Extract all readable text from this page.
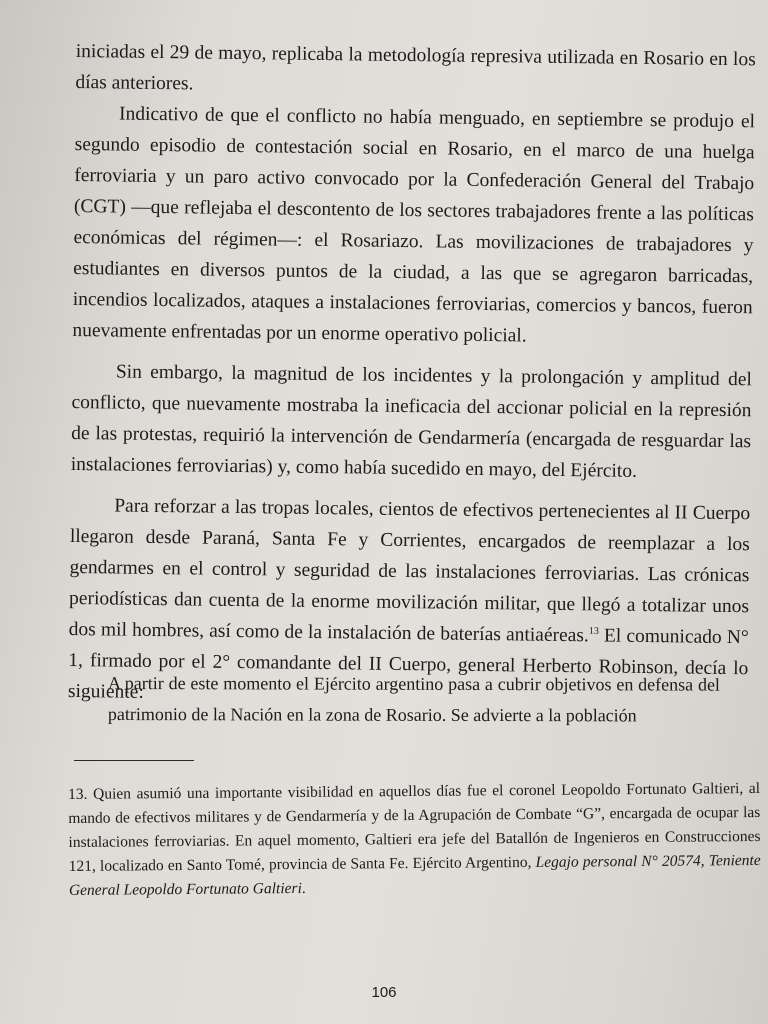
iniciadas el 29 de mayo, replicaba la metodología represiva utilizada en Rosario en los días anteriores.

Indicativo de que el conflicto no había menguado, en septiembre se produjo el segundo episodio de contestación social en Rosario, en el marco de una huelga ferroviaria y un paro activo convocado por la Confederación General del Trabajo (CGT) —que reflejaba el descontento de los sectores trabajadores frente a las políticas económicas del régimen—: el Rosariazo. Las movilizaciones de trabajadores y estudiantes en diversos puntos de la ciudad, a las que se agregaron barricadas, incendios localizados, ataques a instalaciones ferroviarias, comercios y bancos, fueron nuevamente enfrentadas por un enorme operativo policial.

Sin embargo, la magnitud de los incidentes y la prolongación y amplitud del conflicto, que nuevamente mostraba la ineficacia del accionar policial en la represión de las protestas, requirió la intervención de Gendarmería (encargada de resguardar las instalaciones ferroviarias) y, como había sucedido en mayo, del Ejército.

Para reforzar a las tropas locales, cientos de efectivos pertenecientes al II Cuerpo llegaron desde Paraná, Santa Fe y Corrientes, encargados de reemplazar a los gendarmes en el control y seguridad de las instalaciones ferroviarias. Las crónicas periodísticas dan cuenta de la enorme movilización militar, que llegó a totalizar unos dos mil hombres, así como de la instalación de baterías antiaéreas.$^{13}$ El comunicado N° 1, firmado por el 2° comandante del II Cuerpo, general Herberto Robinson, decía lo siguiente:

A partir de este momento el Ejército argentino pasa a cubrir objetivos en defensa del patrimonio de la Nación en la zona de Rosario. Se advierte a la población
13. Quien asumió una importante visibilidad en aquellos días fue el coronel Leopoldo Fortunato Galtieri, al mando de efectivos militares y de Gendarmería y de la Agrupación de Combate “G”, encargada de ocupar las instalaciones ferroviarias. En aquel momento, Galtieri era jefe del Batallón de Ingenieros en Construcciones 121, localizado en Santo Tomé, provincia de Santa Fe. Ejército Argentino, Legajo personal N° 20574, Teniente General Leopoldo Fortunato Galtieri.
106
